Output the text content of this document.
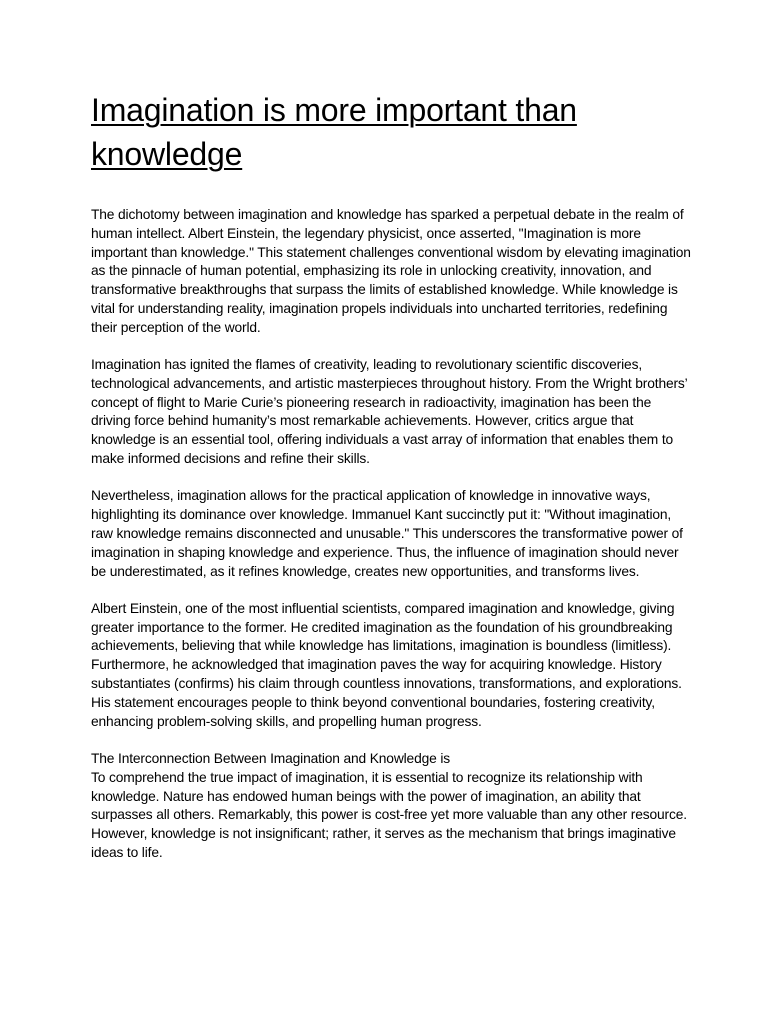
Imagination is more important than knowledge

The dichotomy between imagination and knowledge has sparked a perpetual debate in the realm of human intellect. Albert Einstein, the legendary physicist, once asserted, "Imagination is more important than knowledge." This statement challenges conventional wisdom by elevating imagination as the pinnacle of human potential, emphasizing its role in unlocking creativity, innovation, and transformative breakthroughs that surpass the limits of established knowledge. While knowledge is vital for understanding reality, imagination propels individuals into uncharted territories, redefining their perception of the world.

Imagination has ignited the flames of creativity, leading to revolutionary scientific discoveries, technological advancements, and artistic masterpieces throughout history. From the Wright brothers’ concept of flight to Marie Curie’s pioneering research in radioactivity, imagination has been the driving force behind humanity’s most remarkable achievements. However, critics argue that knowledge is an essential tool, offering individuals a vast array of information that enables them to make informed decisions and refine their skills.

Nevertheless, imagination allows for the practical application of knowledge in innovative ways, highlighting its dominance over knowledge. Immanuel Kant succinctly put it: "Without imagination, raw knowledge remains disconnected and unusable." This underscores the transformative power of imagination in shaping knowledge and experience. Thus, the influence of imagination should never be underestimated, as it refines knowledge, creates new opportunities, and transforms lives.

Albert Einstein, one of the most influential scientists, compared imagination and knowledge, giving greater importance to the former. He credited imagination as the foundation of his groundbreaking achievements, believing that while knowledge has limitations, imagination is boundless (limitless). Furthermore, he acknowledged that imagination paves the way for acquiring knowledge. History substantiates (confirms) his claim through countless innovations, transformations, and explorations. His statement encourages people to think beyond conventional boundaries, fostering creativity, enhancing problem-solving skills, and propelling human progress.

The Interconnection Between Imagination and Knowledge is

To comprehend the true impact of imagination, it is essential to recognize its relationship with knowledge. Nature has endowed human beings with the power of imagination, an ability that surpasses all others. Remarkably, this power is cost-free yet more valuable than any other resource. However, knowledge is not insignificant; rather, it serves as the mechanism that brings imaginative ideas to life.
